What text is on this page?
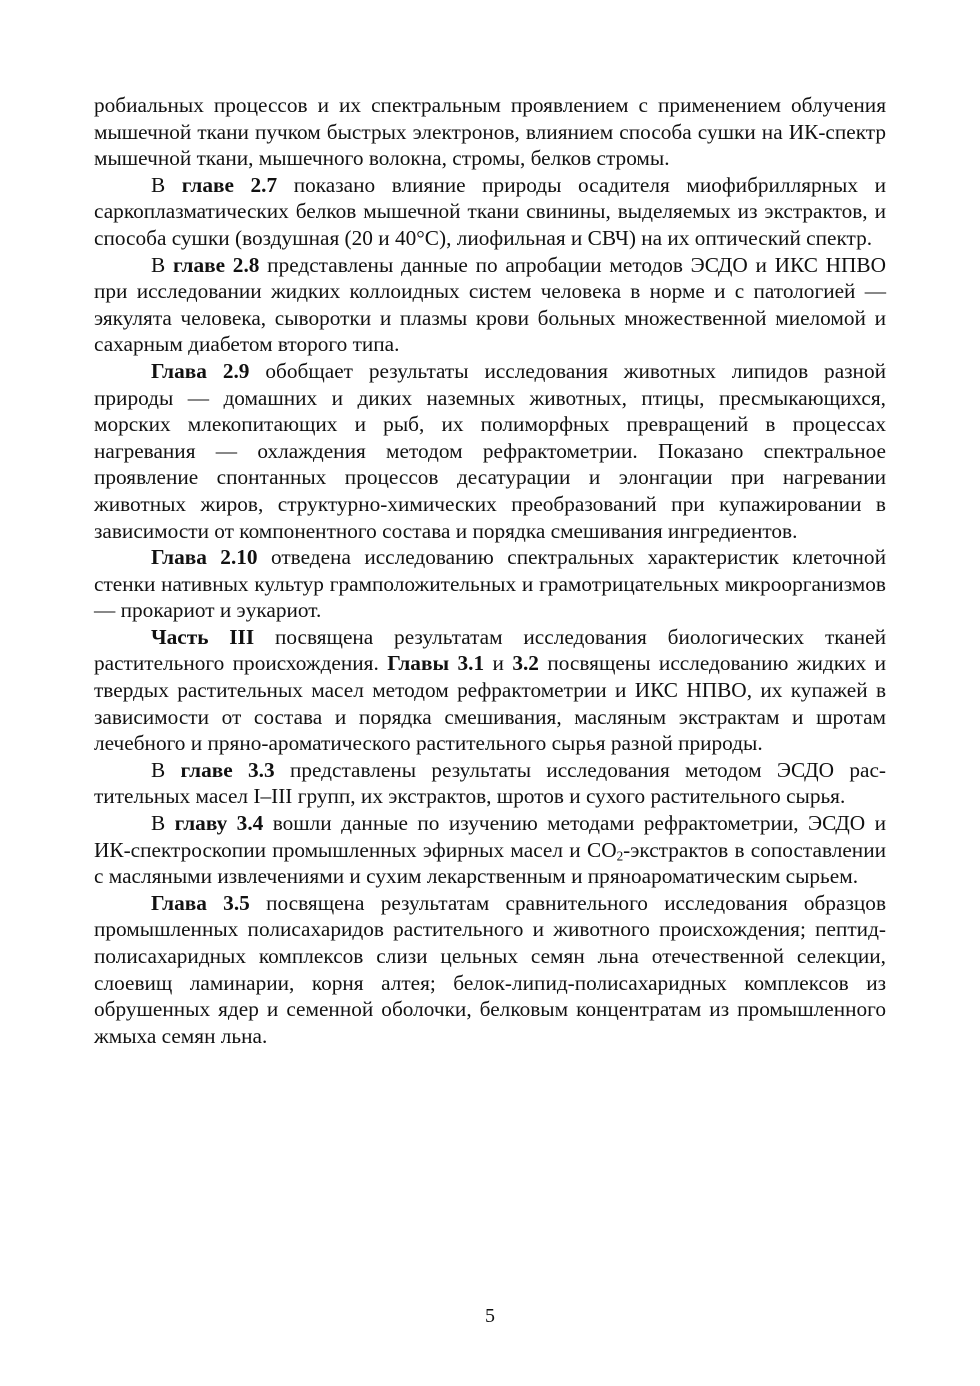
робиальных процессов и их спектральным проявлением с применением облучения мышечной ткани пучком быстрых электронов, влиянием способа сушки на ИК-спектр мышечной ткани, мышечного волокна, стромы, белков стромы.

В главе 2.7 показано влияние природы осадителя миофибриллярных и саркоплазматических белков мышечной ткани свинины, выделяемых из экстрактов, и способа сушки (воздушная (20 и 40°С), лиофильная и СВЧ) на их оптический спектр.

В главе 2.8 представлены данные по апробации методов ЭСДО и ИКС НПВО при исследовании жидких коллоидных систем человека в норме и с патологией — эякулята человека, сыворотки и плазмы крови больных множественной миеломой и сахарным диабетом второго типа.

Глава 2.9 обобщает результаты исследования животных липидов разной природы — домашних и диких наземных животных, птицы, пресмыкающихся, морских млекопитающих и рыб, их полиморфных превращений в процессах нагревания — охлаждения методом рефрактометрии. Показано спектральное проявление спонтанных процессов десатурации и элонгации при нагревании животных жиров, структурно-химических преобразований при купажировании в зависимости от компонентного состава и порядка смешивания ингредиентов.

Глава 2.10 отведена исследованию спектральных характеристик клеточной стенки нативных культур грамположительных и грамотрицательных микроорганизмов — прокариот и эукариот.

Часть III посвящена результатам исследования биологических тканей растительного происхождения. Главы 3.1 и 3.2 посвящены исследованию жидких и твердых растительных масел методом рефрактометрии и ИКС НПВО, их купажей в зависимости от состава и порядка смешивания, масляным экстрактам и шротам лечебного и пряно-ароматического растительного сырья разной природы.

В главе 3.3 представлены результаты исследования методом ЭСДО растительных масел I–III групп, их экстрактов, шротов и сухого растительного сырья.

В главу 3.4 вошли данные по изучению методами рефрактометрии, ЭСДО и ИК-спектроскопии промышленных эфирных масел и $СО_2$-экстрактов в сопоставлении с масляными извлечениями и сухим лекарственным и пряноароматическим сырьем.

Глава 3.5 посвящена результатам сравнительного исследования образцов промышленных полисахаридов растительного и животного происхождения; пептид-полисахаридных комплексов слизи цельных семян льна отечественной селекции, слоевищ ламинарии, корня алтея; белок-липид-полисахаридных комплексов из обрушенных ядер и семенной оболочки, белковым концентратам из промышленного жмыха семян льна.

5
